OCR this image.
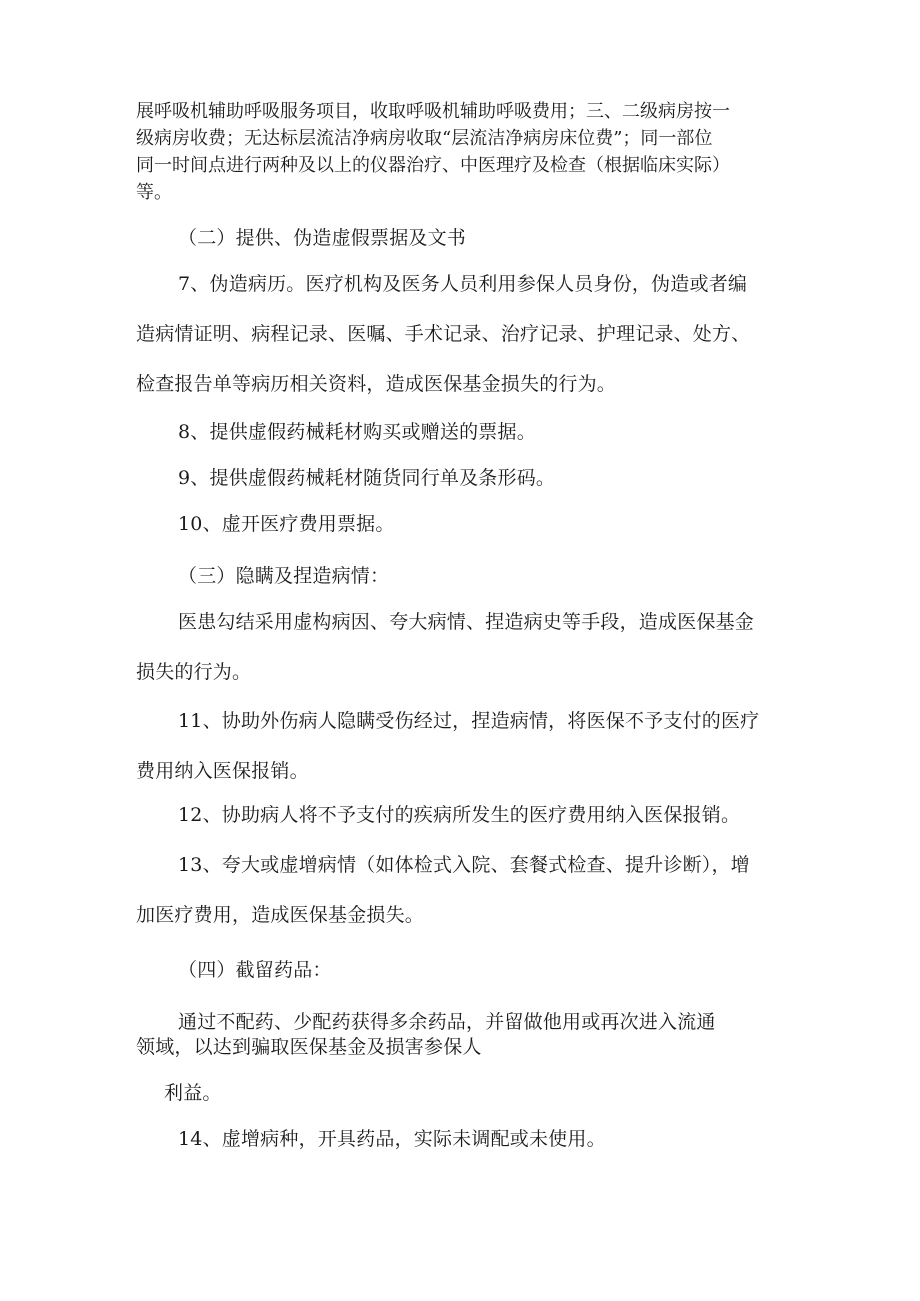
展呼吸机辅助呼吸服务项目，收取呼吸机辅助呼吸费用；三、二级病房按一
级病房收费；无达标层流洁净病房收取“层流洁净病房床位费”；同一部位
同一时间点进行两种及以上的仪器治疗、中医理疗及检查（根据临床实际）
等。
（二）提供、伪造虚假票据及文书
7、伪造病历。医疗机构及医务人员利用参保人员身份，伪造或者编
造病情证明、病程记录、医嘱、手术记录、治疗记录、护理记录、处方、
检查报告单等病历相关资料，造成医保基金损失的行为。
8、提供虚假药械耗材购买或赠送的票据。
9、提供虚假药械耗材随货同行单及条形码。
10、虚开医疗费用票据。
（三）隐瞒及捏造病情：
医患勾结采用虚构病因、夸大病情、捏造病史等手段，造成医保基金
损失的行为。
11、协助外伤病人隐瞒受伤经过，捏造病情，将医保不予支付的医疗
费用纳入医保报销。
12、协助病人将不予支付的疾病所发生的医疗费用纳入医保报销。
13、夸大或虚增病情（如体检式入院、套餐式检查、提升诊断），增
加医疗费用，造成医保基金损失。
（四）截留药品：
通过不配药、少配药获得多余药品，并留做他用或再次进入流通
领域，以达到骗取医保基金及损害参保人
利益。
14、虚增病种，开具药品，实际未调配或未使用。
